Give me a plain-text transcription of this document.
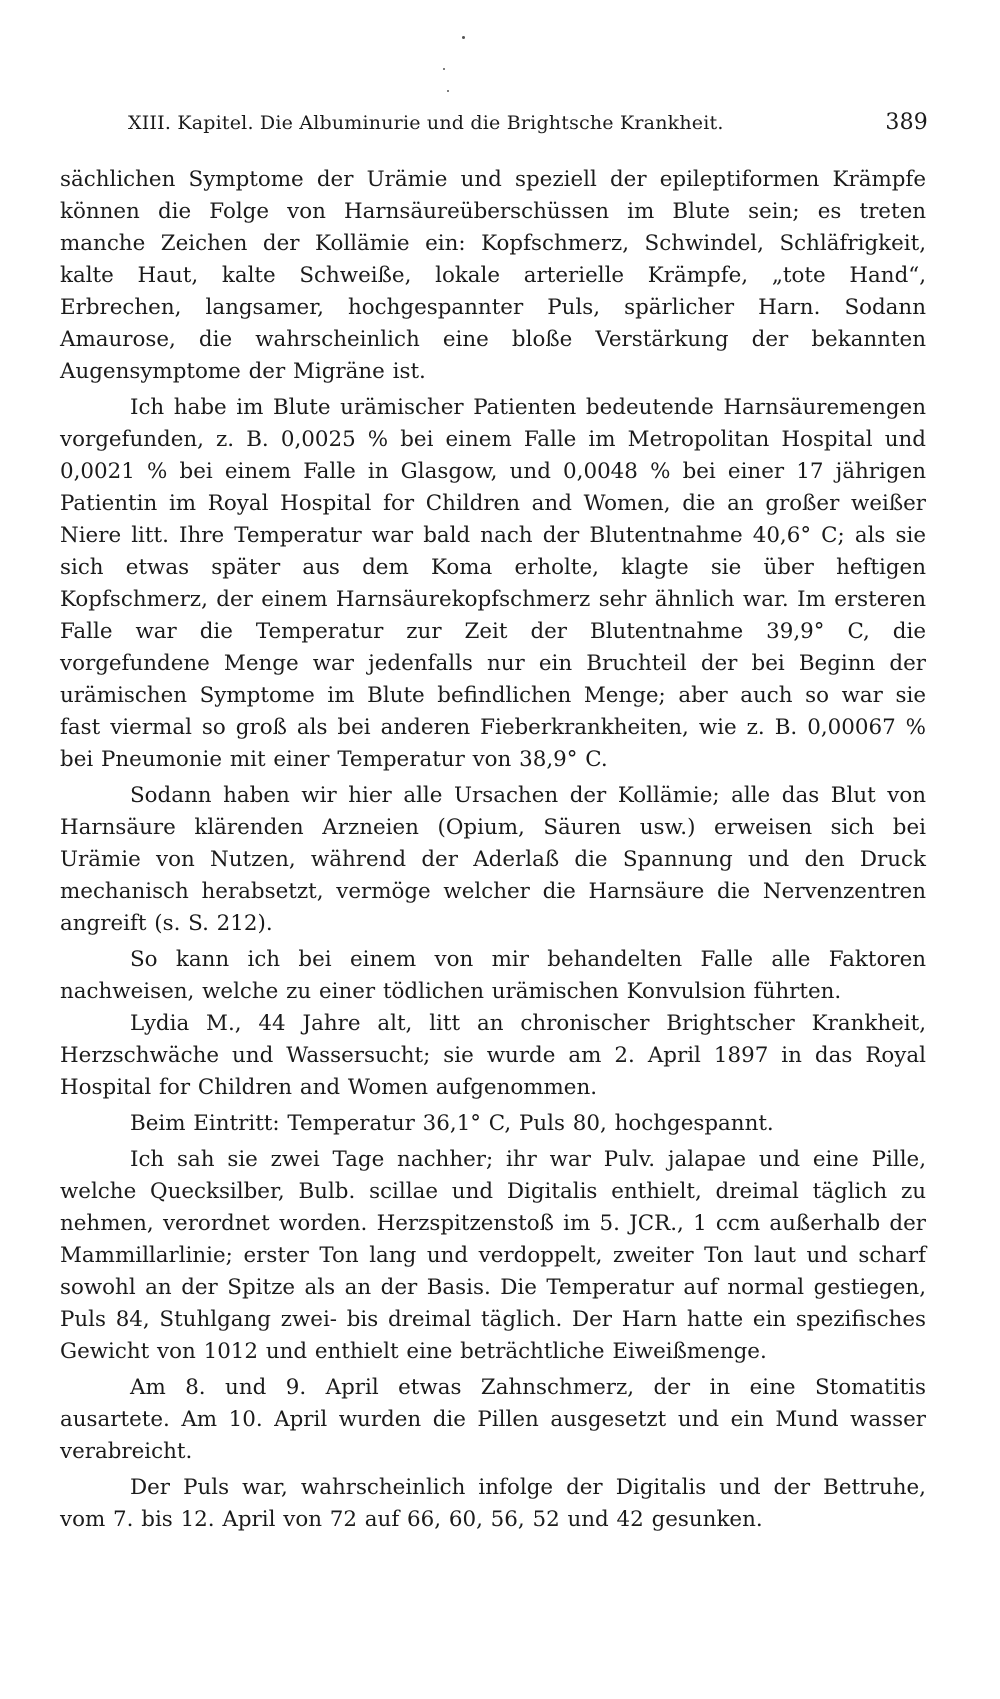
XIII. Kapitel. Die Albuminurie und die Brightsche Krankheit.	389

sächlichen Symptome der Urämie und speziell der epileptiformen Krämpfe können die Folge von Harnsäureüberschüssen im Blute sein; es treten manche Zeichen der Kollämie ein: Kopfschmerz, Schwindel, Schläfrigkeit, kalte Haut, kalte Schweiße, lokale arterielle Krämpfe, „tote Hand“, Erbrechen, langsamer, hochgespannter Puls, spärlicher Harn. Sodann Amaurose, die wahrscheinlich eine bloße Verstärkung der bekannten Augensymptome der Migräne ist.

Ich habe im Blute urämischer Patienten bedeutende Harnsäuremengen vorgefunden, z. B. 0,0025 % bei einem Falle im Metropolitan Hospital und 0,0021 % bei einem Falle in Glasgow, und 0,0048 % bei einer 17 jährigen Patientin im Royal Hospital for Children and Women, die an großer weißer Niere litt. Ihre Temperatur war bald nach der Blutentnahme 40,6° C; als sie sich etwas später aus dem Koma erholte, klagte sie über heftigen Kopfschmerz, der einem Harnsäurekopfschmerz sehr ähnlich war. Im ersteren Falle war die Temperatur zur Zeit der Blutentnahme 39,9° C, die vorgefundene Menge war jedenfalls nur ein Bruchteil der bei Beginn der urämischen Symptome im Blute befindlichen Menge; aber auch so war sie fast viermal so groß als bei anderen Fieberkrankheiten, wie z. B. 0,00067 % bei Pneumonie mit einer Temperatur von 38,9° C.

Sodann haben wir hier alle Ursachen der Kollämie; alle das Blut von Harnsäure klärenden Arzneien (Opium, Säuren usw.) erweisen sich bei Urämie von Nutzen, während der Aderlaß die Spannung und den Druck mechanisch herabsetzt, vermöge welcher die Harnsäure die Nervenzentren angreift (s. S. 212).

So kann ich bei einem von mir behandelten Falle alle Faktoren nachweisen, welche zu einer tödlichen urämischen Konvulsion führten.

Lydia M., 44 Jahre alt, litt an chronischer Brightscher Krankheit, Herzschwäche und Wassersucht; sie wurde am 2. April 1897 in das Royal Hospital for Children and Women aufgenommen.

Beim Eintritt: Temperatur 36,1° C, Puls 80, hochgespannt.

Ich sah sie zwei Tage nachher; ihr war Pulv. jalapae und eine Pille, welche Quecksilber, Bulb. scillae und Digitalis enthielt, dreimal täglich zu nehmen, verordnet worden. Herzspitzenstoß im 5. JCR., 1 ccm außerhalb der Mammillarlinie; erster Ton lang und verdoppelt, zweiter Ton laut und scharf sowohl an der Spitze als an der Basis. Die Temperatur auf normal gestiegen, Puls 84, Stuhlgang zwei- bis dreimal täglich. Der Harn hatte ein spezifisches Gewicht von 1012 und enthielt eine beträchtliche Eiweißmenge.

Am 8. und 9. April etwas Zahnschmerz, der in eine Stomatitis ausartete. Am 10. April wurden die Pillen ausgesetzt und ein Mund wasser verabreicht.

Der Puls war, wahrscheinlich infolge der Digitalis und der Bettruhe, vom 7. bis 12. April von 72 auf 66, 60, 56, 52 und 42 gesunken.
